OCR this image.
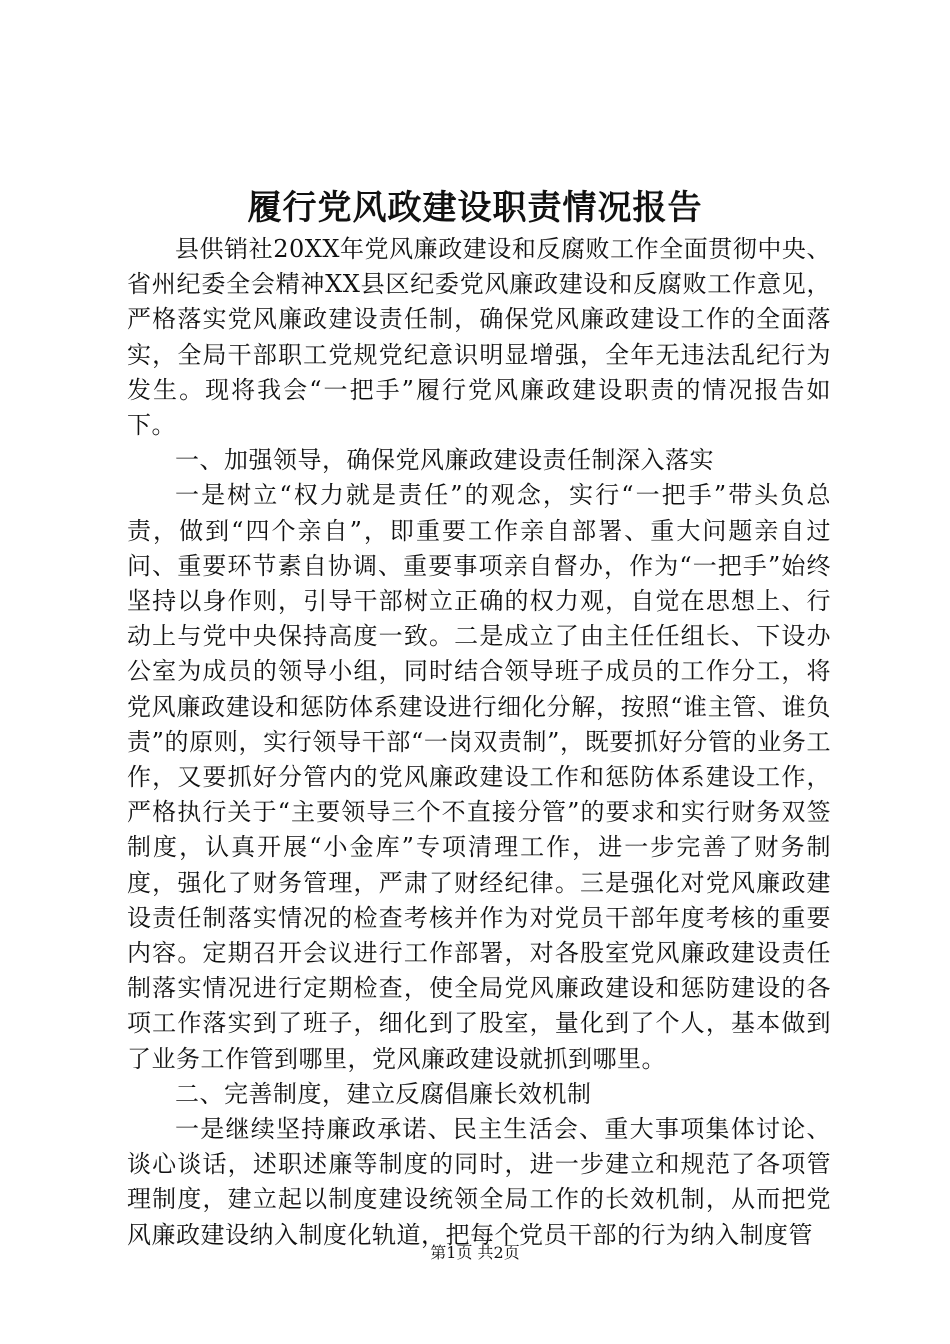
履行党风政建设职责情况报告

县供销社20XX年党风廉政建设和反腐败工作全面贯彻中央、省州纪委全会精神XX县区纪委党风廉政建设和反腐败工作意见，严格落实党风廉政建设责任制，确保党风廉政建设工作的全面落实，全局干部职工党规党纪意识明显增强，全年无违法乱纪行为发生。现将我会“一把手”履行党风廉政建设职责的情况报告如下。

一、加强领导，确保党风廉政建设责任制深入落实

一是树立“权力就是责任”的观念，实行“一把手”带头负总责，做到“四个亲自”，即重要工作亲自部署、重大问题亲自过问、重要环节素自协调、重要事项亲自督办，作为“一把手”始终坚持以身作则，引导干部树立正确的权力观，自觉在思想上、行动上与党中央保持高度一致。二是成立了由主任任组长、下设办公室为成员的领导小组，同时结合领导班子成员的工作分工，将党风廉政建设和惩防体系建设进行细化分解，按照“谁主管、谁负责”的原则，实行领导干部“一岗双责制”，既要抓好分管的业务工作，又要抓好分管内的党风廉政建设工作和惩防体系建设工作，严格执行关于“主要领导三个不直接分管”的要求和实行财务双签制度，认真开展“小金库”专项清理工作，进一步完善了财务制度，强化了财务管理，严肃了财经纪律。三是强化对党风廉政建设责任制落实情况的检查考核并作为对党员干部年度考核的重要内容。定期召开会议进行工作部署，对各股室党风廉政建设责任制落实情况进行定期检查，使全局党风廉政建设和惩防建设的各项工作落实到了班子，细化到了股室，量化到了个人，基本做到了业务工作管到哪里，党风廉政建设就抓到哪里。

二、完善制度，建立反腐倡廉长效机制

一是继续坚持廉政承诺、民主生活会、重大事项集体讨论、谈心谈话，述职述廉等制度的同时，进一步建立和规范了各项管理制度，建立起以制度建设统领全局工作的长效机制，从而把党风廉政建设纳入制度化轨道，把每个党员干部的行为纳入制度管

第1页 共2页
